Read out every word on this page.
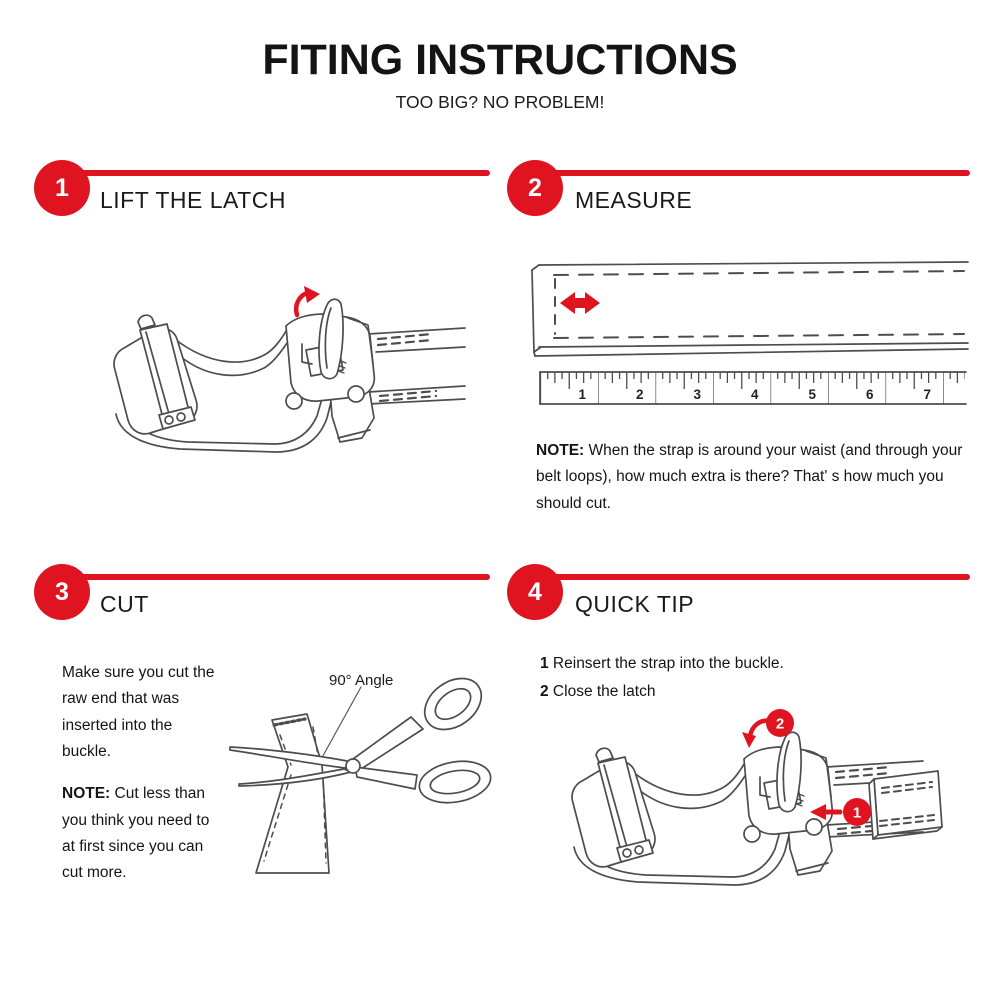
FITING INSTRUCTIONS
TOO BIG? NO PROBLEM!
1 LIFT THE LATCH	2 MEASURE
3 CUT	4 QUICK TIP
1	2	3	4	5	6	7

NOTE: When the strap is around your waist (and through your belt loops), how much extra is there? That' s how much you should cut.

Make sure you cut the raw end that was inserted into the buckle.

NOTE: Cut less than you think you need to at first since you can cut more.

90° Angle
1 Reinsert the strap into the buckle.
2 Close the latch
2
1
